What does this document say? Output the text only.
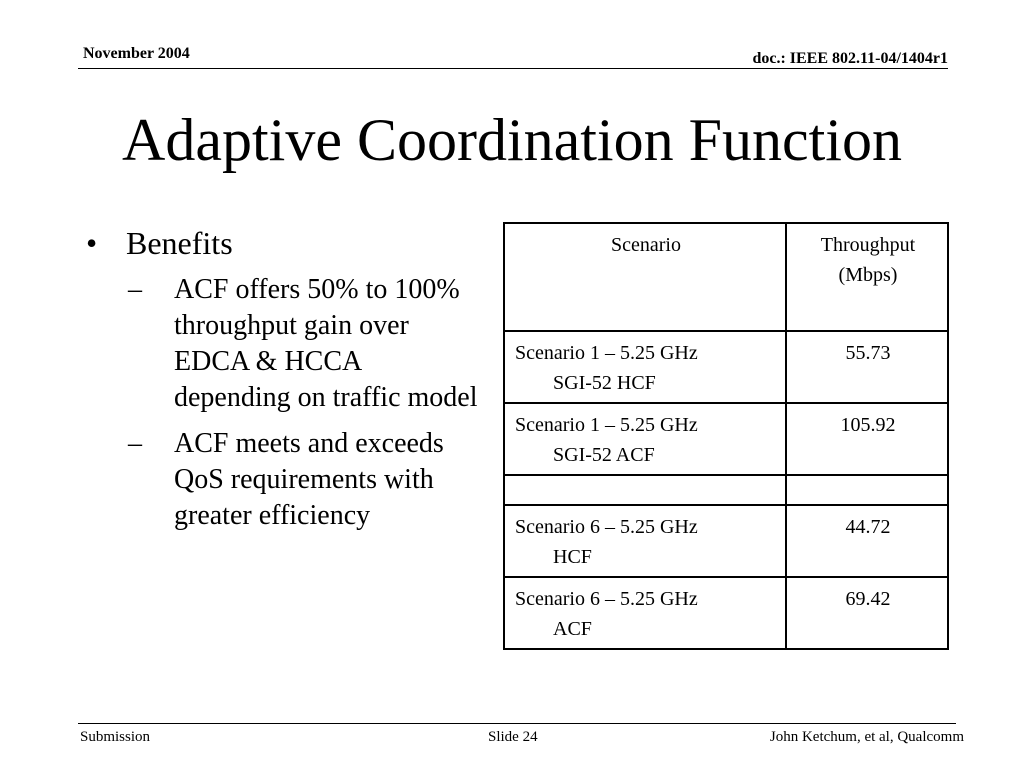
November 2004	doc.: IEEE 802.11-04/1404r1
Adaptive Coordination Function
• Benefits
–	ACF offers 50% to 100% throughput gain over EDCA & HCCA depending on traffic model
–	ACF meets and exceeds QoS requirements with greater efficiency
Scenario	Throughput
(Mbps)
Scenario 1 – 5.25 GHz
SGI-52 HCF	55.73
Scenario 1 – 5.25 GHz
SGI-52 ACF	105.92

Scenario 6 – 5.25 GHz
HCF	44.72
Scenario 6 – 5.25 GHz
ACF	69.42
Submission	Slide 24	John Ketchum, et al, Qualcomm
